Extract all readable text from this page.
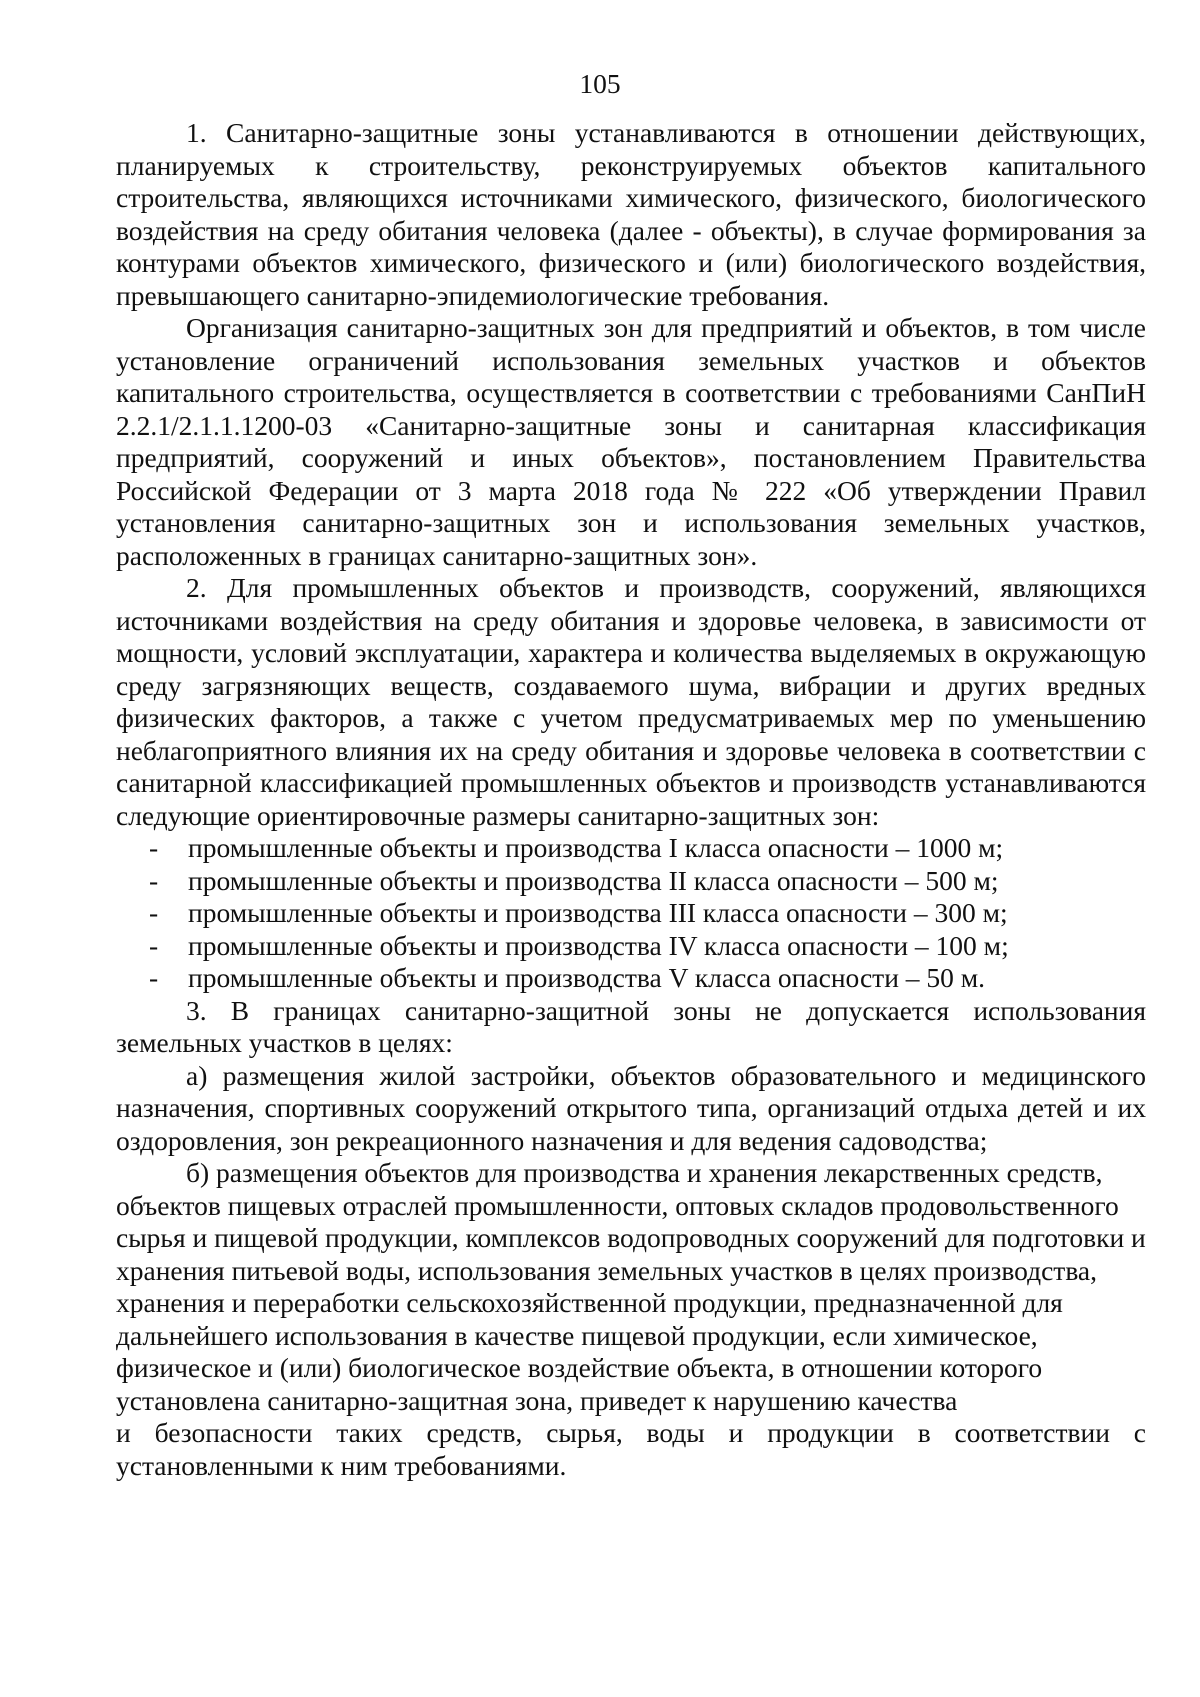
105

1. Санитарно-защитные зоны устанавливаются в отношении действующих, планируемых к строительству, реконструируемых объектов капитального строительства, являющихся источниками химического, физического, биологического воздействия на среду обитания человека (далее - объекты), в случае формирования за контурами объектов химического, физического и (или) биологического воздействия, превышающего санитарно-эпидемиологические требования.

Организация санитарно-защитных зон для предприятий и объектов, в том числе установление ограничений использования земельных участков и объектов капитального строительства, осуществляется в соответствии с требованиями СанПиН 2.2.1/2.1.1.1200-03 «Санитарно-защитные зоны и санитарная классификация предприятий, сооружений и иных объектов», постановлением Правительства Российской Федерации от 3 марта 2018 года № 222 «Об утверждении Правил установления санитарно-защитных зон и использования земельных участков, расположенных в границах санитарно-защитных зон».

2. Для промышленных объектов и производств, сооружений, являющихся источниками воздействия на среду обитания и здоровье человека, в зависимости от мощности, условий эксплуатации, характера и количества выделяемых в окружающую среду загрязняющих веществ, создаваемого шума, вибрации и других вредных физических факторов, а также с учетом предусматриваемых мер по уменьшению неблагоприятного влияния их на среду обитания и здоровье человека в соответствии с санитарной классификацией промышленных объектов и производств устанавливаются следующие ориентировочные размеры санитарно-защитных зон:

- промышленные объекты и производства I класса опасности – 1000 м;
- промышленные объекты и производства II класса опасности – 500 м;
- промышленные объекты и производства III класса опасности – 300 м;
- промышленные объекты и производства IV класса опасности – 100 м;
- промышленные объекты и производства V класса опасности – 50 м.

3. В границах санитарно-защитной зоны не допускается использования земельных участков в целях:

а) размещения жилой застройки, объектов образовательного и медицинского назначения, спортивных сооружений открытого типа, организаций отдыха детей и их оздоровления, зон рекреационного назначения и для ведения садоводства;

б) размещения объектов для производства и хранения лекарственных средств, объектов пищевых отраслей промышленности, оптовых складов продовольственного сырья и пищевой продукции, комплексов водопроводных сооружений для подготовки и хранения питьевой воды, использования земельных участков в целях производства, хранения и переработки сельскохозяйственной продукции, предназначенной для дальнейшего использования в качестве пищевой продукции, если химическое, физическое и (или) биологическое воздействие объекта, в отношении которого установлена санитарно-защитная зона, приведет к нарушению качества

и безопасности таких средств, сырья, воды и продукции в соответствии с установленными к ним требованиями.
